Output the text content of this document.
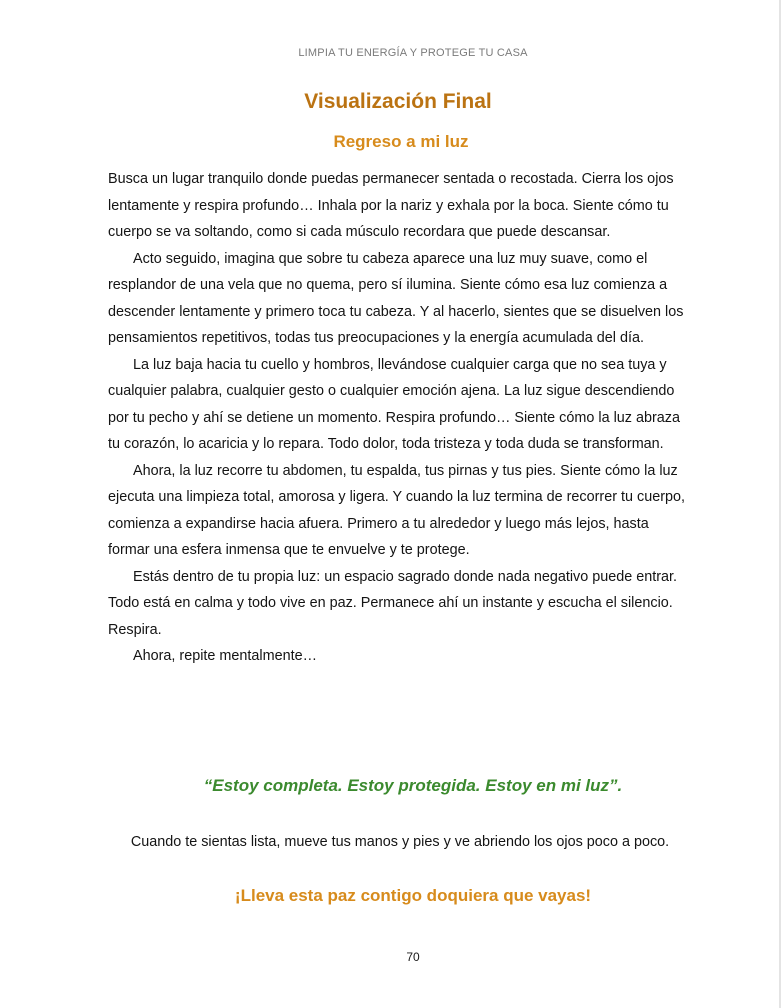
LIMPIA TU ENERGÍA Y PROTEGE TU CASA
Visualización Final
Regreso a mi luz

Busca un lugar tranquilo donde puedas permanecer sentada o recostada. Cierra los ojos lentamente y respira profundo… Inhala por la nariz y exhala por la boca. Siente cómo tu cuerpo se va soltando, como si cada músculo recordara que puede descansar.

Acto seguido, imagina que sobre tu cabeza aparece una luz muy suave, como el resplandor de una vela que no quema, pero sí ilumina. Siente cómo esa luz comienza a descender lentamente y primero toca tu cabeza. Y al hacerlo, sientes que se disuelven los pensamientos repetitivos, todas tus preocupaciones y la energía acumulada del día.

La luz baja hacia tu cuello y hombros, llevándose cualquier carga que no sea tuya y cualquier palabra, cualquier gesto o cualquier emoción ajena. La luz sigue descendiendo por tu pecho y ahí se detiene un momento. Respira profundo… Siente cómo la luz abraza tu corazón, lo acaricia y lo repara. Todo dolor, toda tristeza y toda duda se transforman.

Ahora, la luz recorre tu abdomen, tu espalda, tus pirnas y tus pies. Siente cómo la luz ejecuta una limpieza total, amorosa y ligera. Y cuando la luz termina de recorrer tu cuerpo, comienza a expandirse hacia afuera. Primero a tu alrededor y luego más lejos, hasta formar una esfera inmensa que te envuelve y te protege.

Estás dentro de tu propia luz: un espacio sagrado donde nada negativo puede entrar. Todo está en calma y todo vive en paz. Permanece ahí un instante y escucha el silencio. Respira.

Ahora, repite mentalmente…

“Estoy completa. Estoy protegida. Estoy en mi luz”.
Cuando te sientas lista, mueve tus manos y pies y ve abriendo los ojos poco a poco.
¡Lleva esta paz contigo doquiera que vayas!
70
